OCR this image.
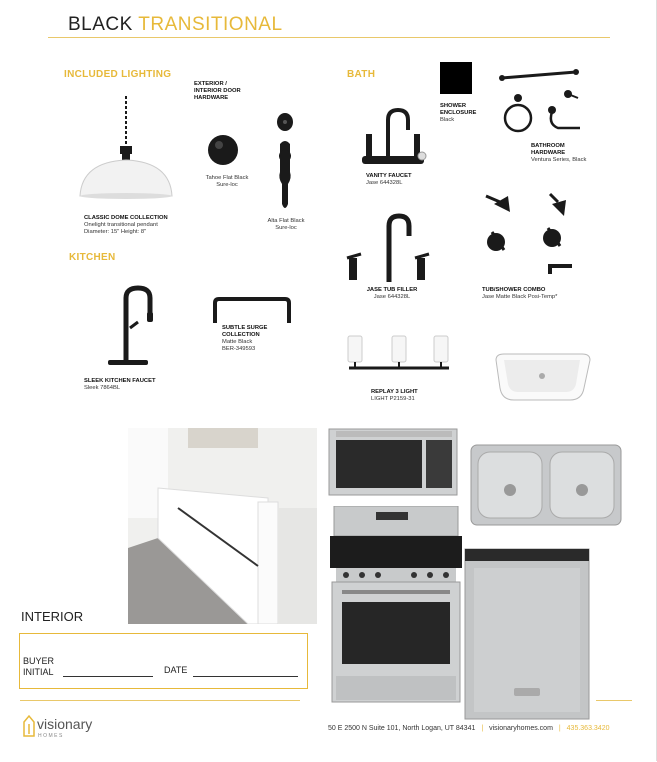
BLACK TRANSITIONAL
INCLUDED LIGHTING
KITCHEN
BATH
CLASSIC DOME COLLECTION
Onelight transitional pendant
Diameter: 15" Height: 8"
EXTERIOR /
INTERIOR DOOR
HARDWARE
Tahoe Flat Black
Sure-loc
Alta Flat Black
Sure-loc
SLEEK KITCHEN FAUCET
Sleek 7864BL
SUBTLE SURGE
COLLECTION
Matte Black
BER-349593
SHOWER
ENCLOSURE
Black
BATHROOM
HARDWARE
Ventura Series, Black
VANITY FAUCET
Jase 644328L
JASE TUB FILLER
Jase 644328L
TUB/SHOWER COMBO
Jase Matte Black Posi-Temp*
REPLAY 3 LIGHT
LIGHT P2159-31
INTERIOR
BUYER
INITIAL	DATE
visionary
HOMES
50 E 2500 N Suite 101, North Logan, UT 84341 | visionaryhomes.com | 435.363.3420
